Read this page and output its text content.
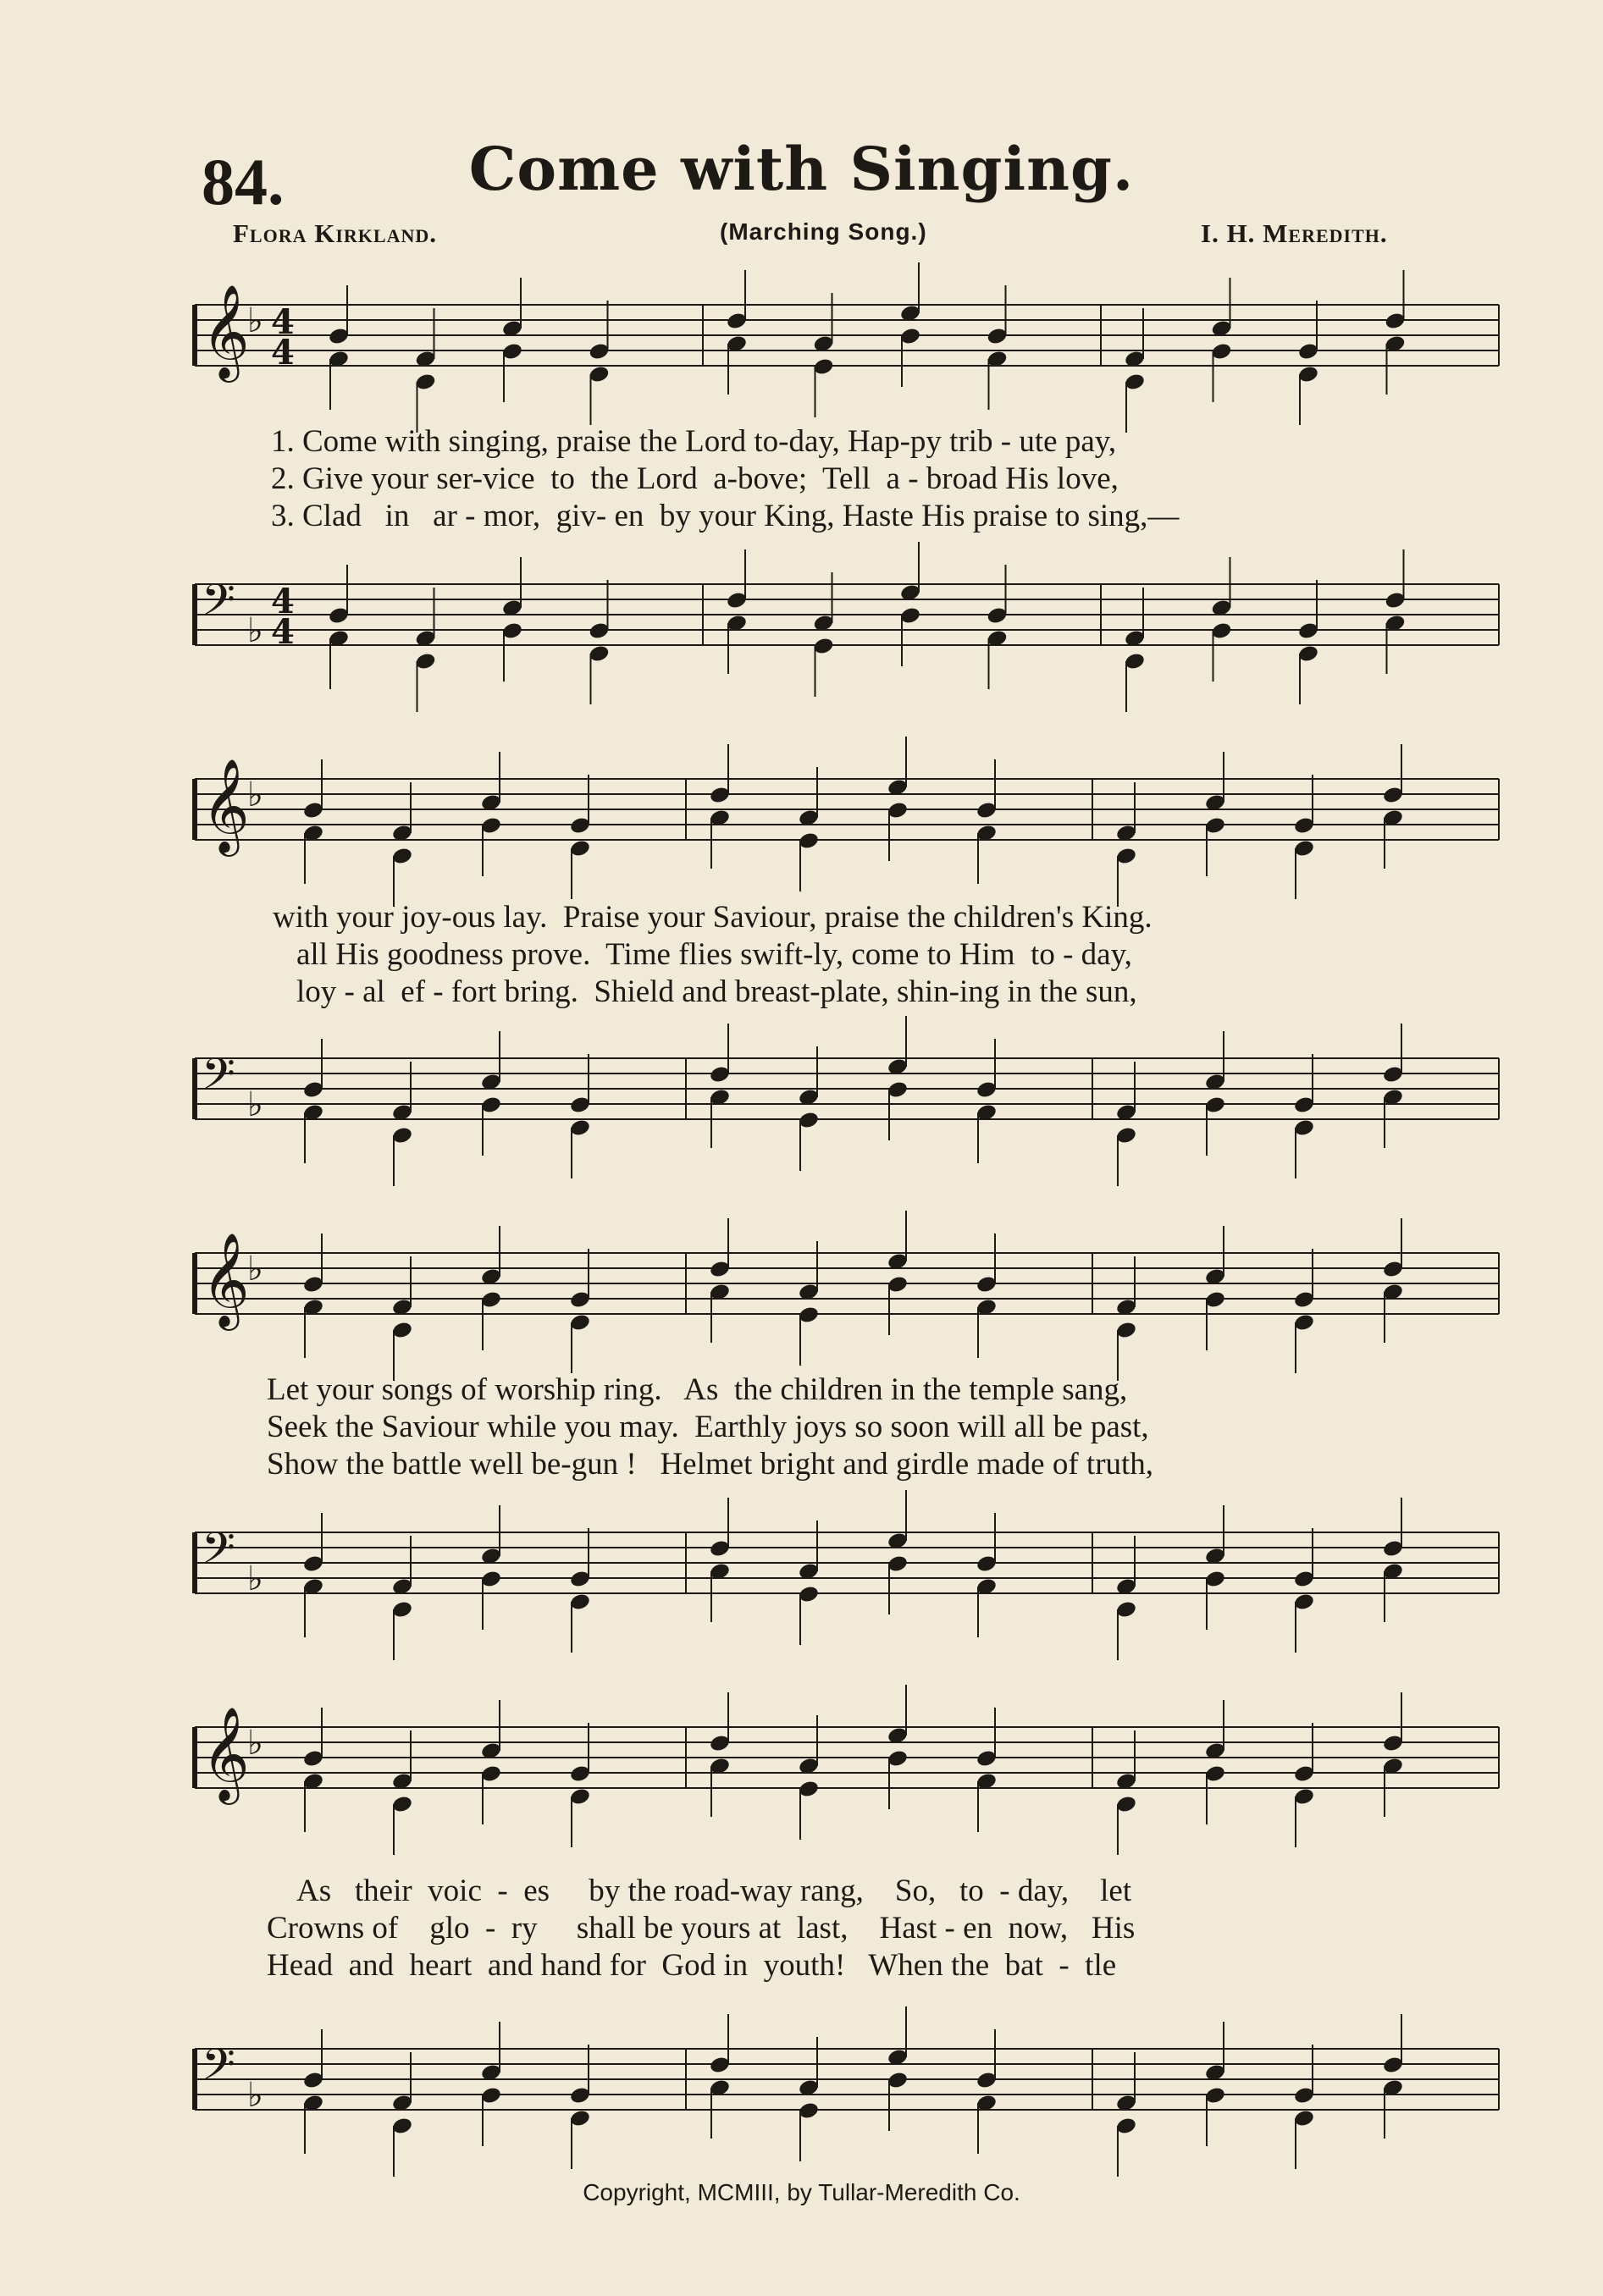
84.	Come with Singing.
Flora Kirkland.	(Marching Song.)	I. H. Meredith.
𝄞
♭ 4
4
1. Come with singing, praise the Lord to-day, Hap-py trib - ute pay,
2. Give your ser-vice  to  the Lord  a-bove;  Tell  a - broad His love,
3. Clad   in   ar - mor,  giv- en  by your King, Haste His praise to sing,—
𝄢 ♭
4
4
𝄞
♭
with your joy-ous lay.  Praise your Saviour, praise the children's King.
all His goodness prove.  Time flies swift-ly, come to Him  to - day,
loy - al  ef - fort bring.  Shield and breast-plate, shin-ing in the sun,
𝄢 ♭
𝄞
♭
Let your songs of worship ring.   As  the children in the temple sang,
Seek the Saviour while you may.  Earthly joys so soon will all be past,
Show the battle well be-gun !   Helmet bright and girdle made of truth,
𝄢 ♭
𝄞
♭
As   their  voic  -  es     by the road-way rang,    So,   to  - day,    let
Crowns of    glo  -  ry     shall be yours at  last,    Hast - en  now,   His
Head  and  heart  and hand for  God in  youth!   When the  bat  -  tle
𝄢 ♭
Copyright, MCMIII, by Tullar-Meredith Co.
